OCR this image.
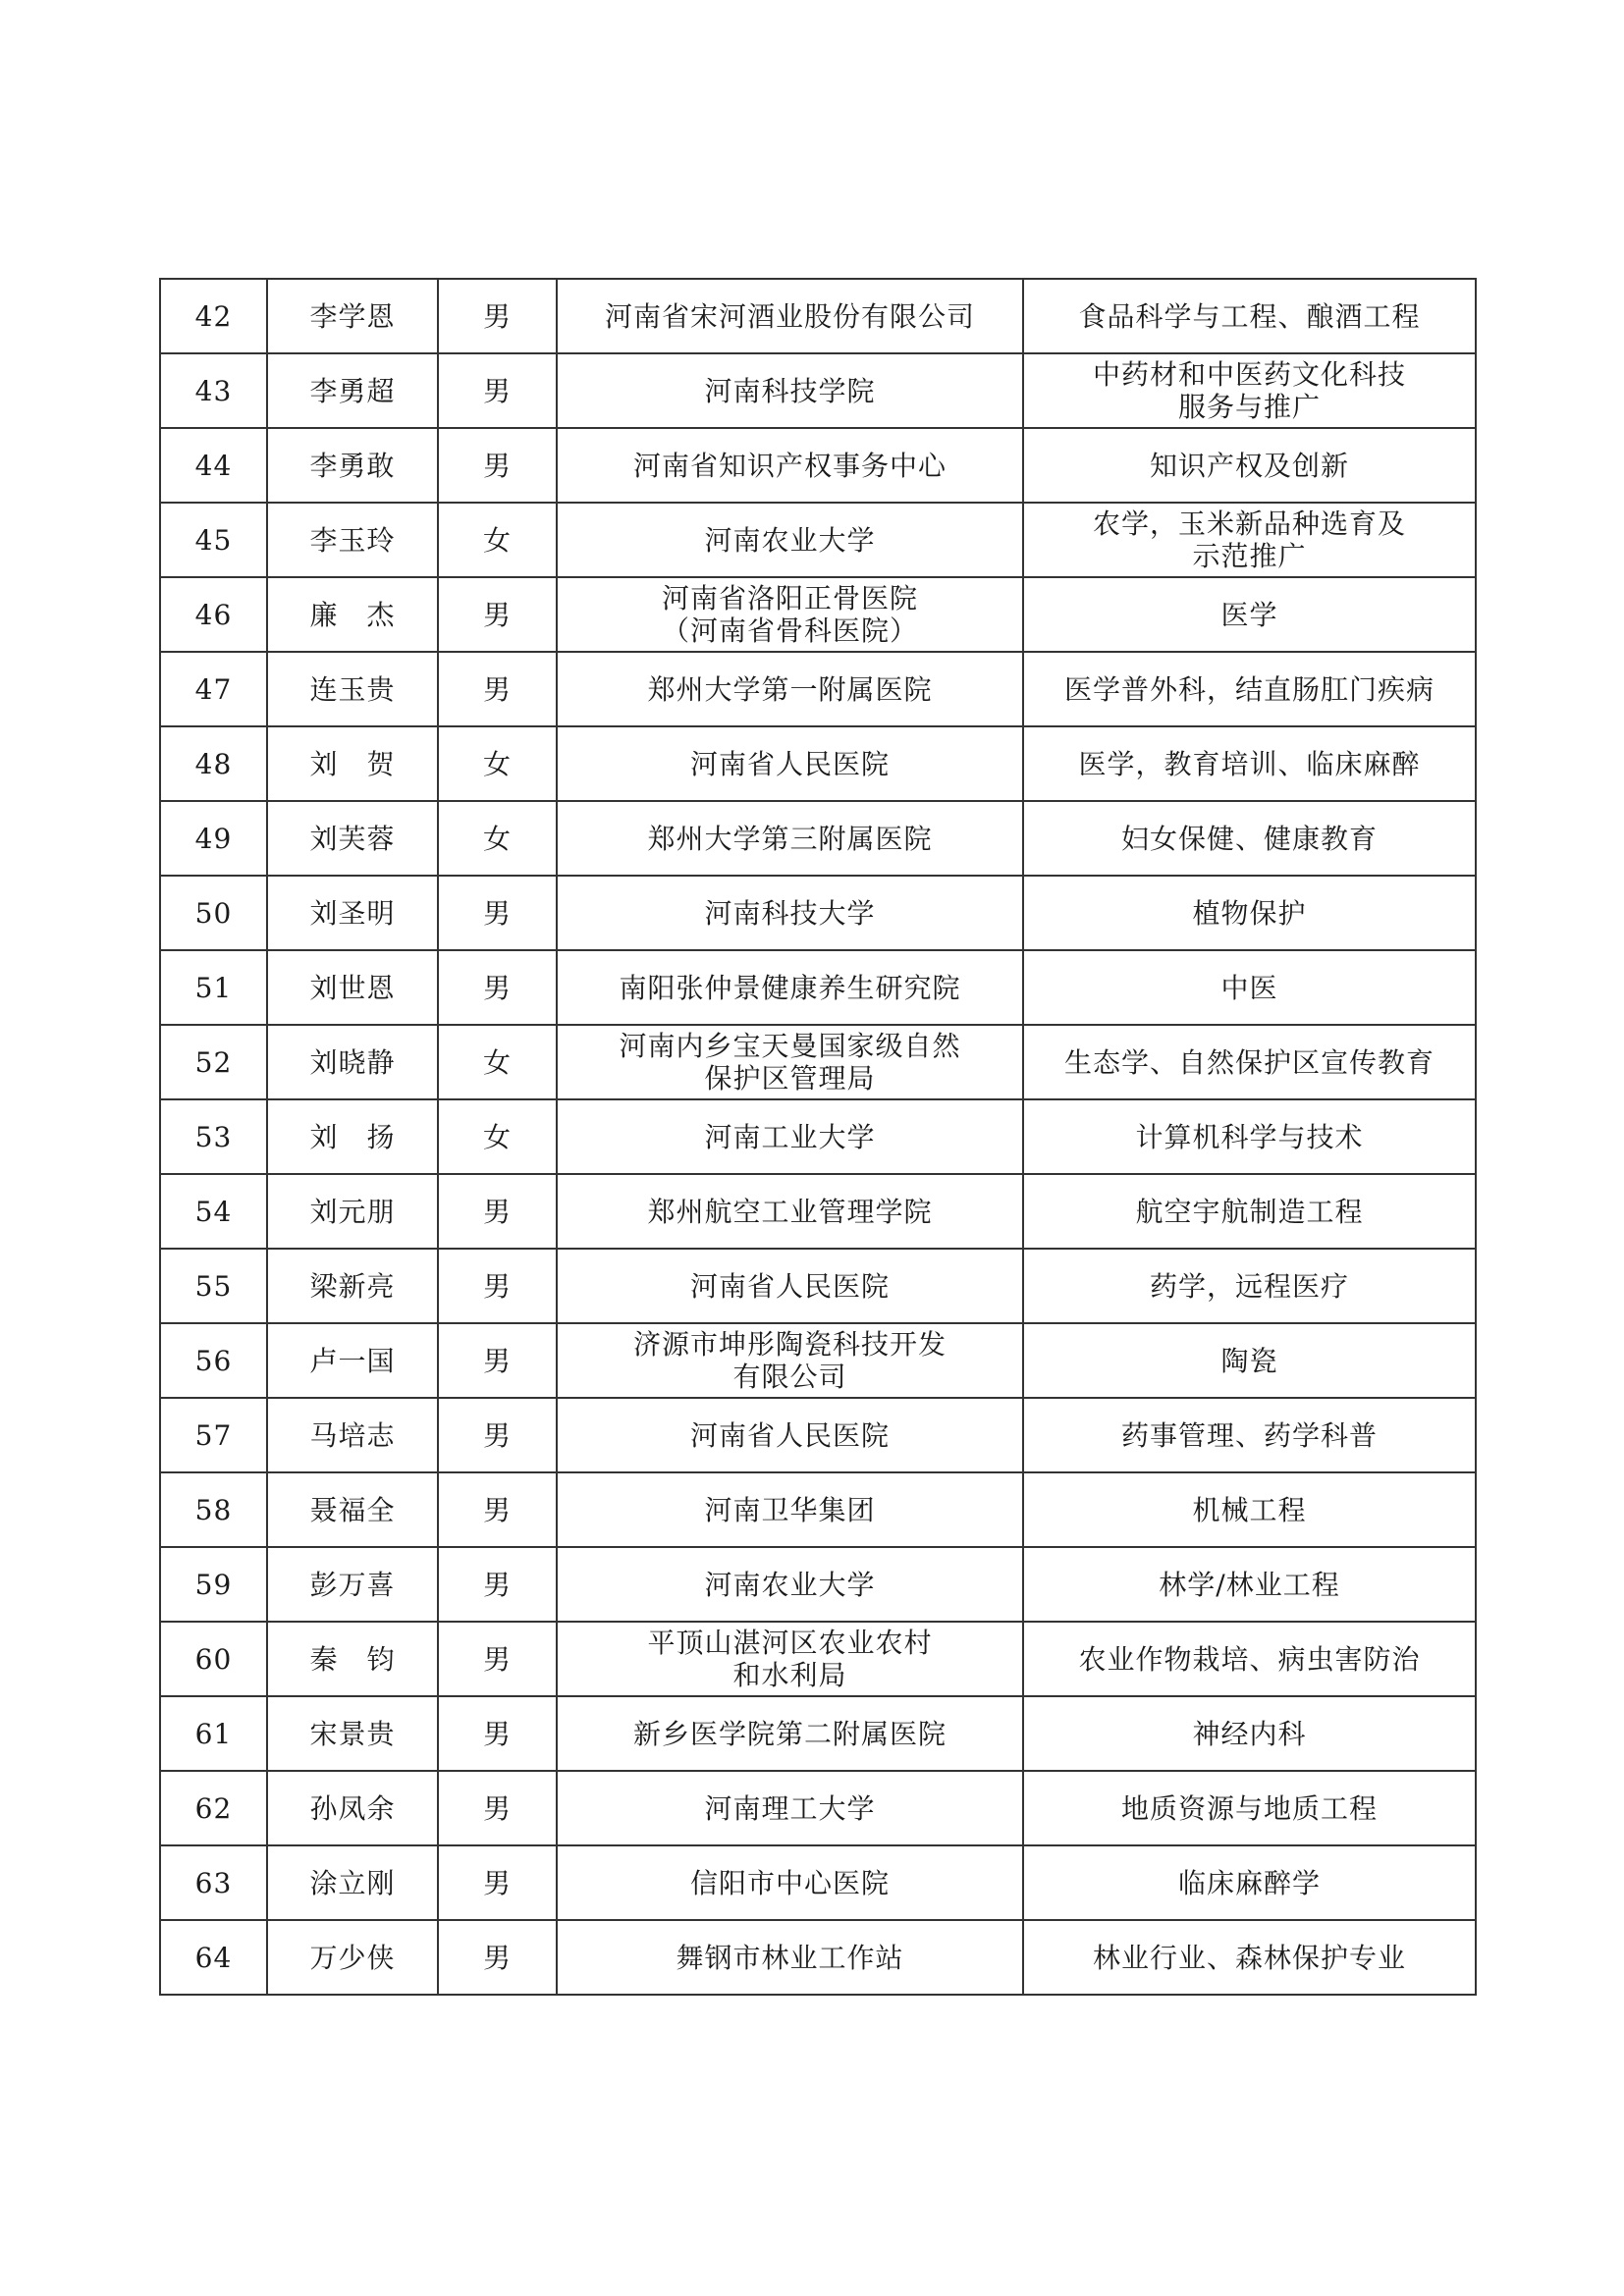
42	李学恩	男	河南省宋河酒业股份有限公司	食品科学与工程、酿酒工程

43	李勇超	男	河南科技学院	中药材和中医药文化科技
服务与推广

44	李勇敢	男	河南省知识产权事务中心	知识产权及创新

45	李玉玲	女	河南农业大学	农学，玉米新品种选育及
示范推广

46	廉　杰	男	河南省洛阳正骨医院
（河南省骨科医院）	医学

47	连玉贵	男	郑州大学第一附属医院	医学普外科，结直肠肛门疾病

48	刘　贺	女	河南省人民医院	医学，教育培训、临床麻醉

49	刘芙蓉	女	郑州大学第三附属医院	妇女保健、健康教育

50	刘圣明	男	河南科技大学	植物保护

51	刘世恩	男	南阳张仲景健康养生研究院	中医

52	刘晓静	女	河南内乡宝天曼国家级自然
保护区管理局	生态学、自然保护区宣传教育

53	刘　扬	女	河南工业大学	计算机科学与技术

54	刘元朋	男	郑州航空工业管理学院	航空宇航制造工程

55	梁新亮	男	河南省人民医院	药学，远程医疗

56	卢一国	男	济源市坤彤陶瓷科技开发
有限公司	陶瓷

57	马培志	男	河南省人民医院	药事管理、药学科普

58	聂福全	男	河南卫华集团	机械工程

59	彭万喜	男	河南农业大学	林学/林业工程

60	秦　钧	男	平顶山湛河区农业农村
和水利局	农业作物栽培、病虫害防治

61	宋景贵	男	新乡医学院第二附属医院	神经内科

62	孙凤余	男	河南理工大学	地质资源与地质工程

63	涂立刚	男	信阳市中心医院	临床麻醉学

64	万少侠	男	舞钢市林业工作站	林业行业、森林保护专业
